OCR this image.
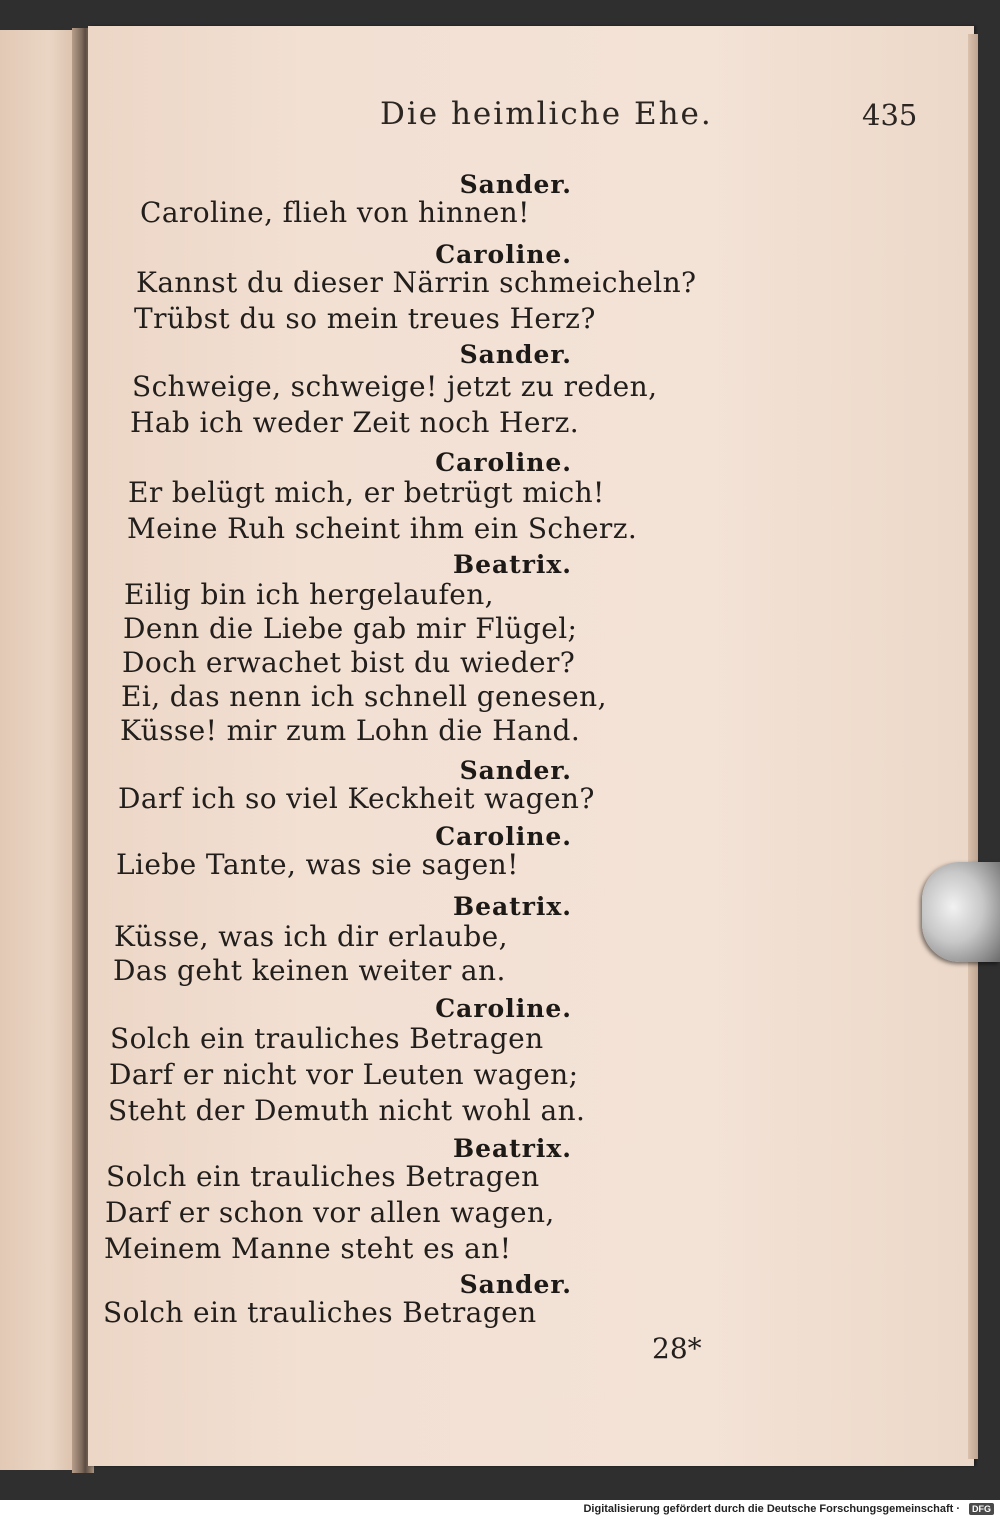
Die heimliche Ehe.	435
Sander.
Caroline, flieh von hinnen!
Caroline.
Kannst du dieser Närrin schmeicheln?
Trübst du so mein treues Herz?
Sander.
Schweige, schweige! jetzt zu reden,
Hab ich weder Zeit noch Herz.
Caroline.
Er belügt mich, er betrügt mich!
Meine Ruh scheint ihm ein Scherz.
Beatrix.
Eilig bin ich hergelaufen,
Denn die Liebe gab mir Flügel;
Doch erwachet bist du wieder?
Ei, das nenn ich schnell genesen,
Küsse! mir zum Lohn die Hand.
Sander.
Darf ich so viel Keckheit wagen?
Caroline.
Liebe Tante, was sie sagen!
Beatrix.
Küsse, was ich dir erlaube,
Das geht keinen weiter an.
Caroline.
Solch ein trauliches Betragen
Darf er nicht vor Leuten wagen;
Steht der Demuth nicht wohl an.
Beatrix.
Solch ein trauliches Betragen
Darf er schon vor allen wagen,
Meinem Manne steht es an!
Sander.
Solch ein trauliches Betragen
28*
Digitalisierung gefördert durch die Deutsche Forschungsgemeinschaft ·	DFG
